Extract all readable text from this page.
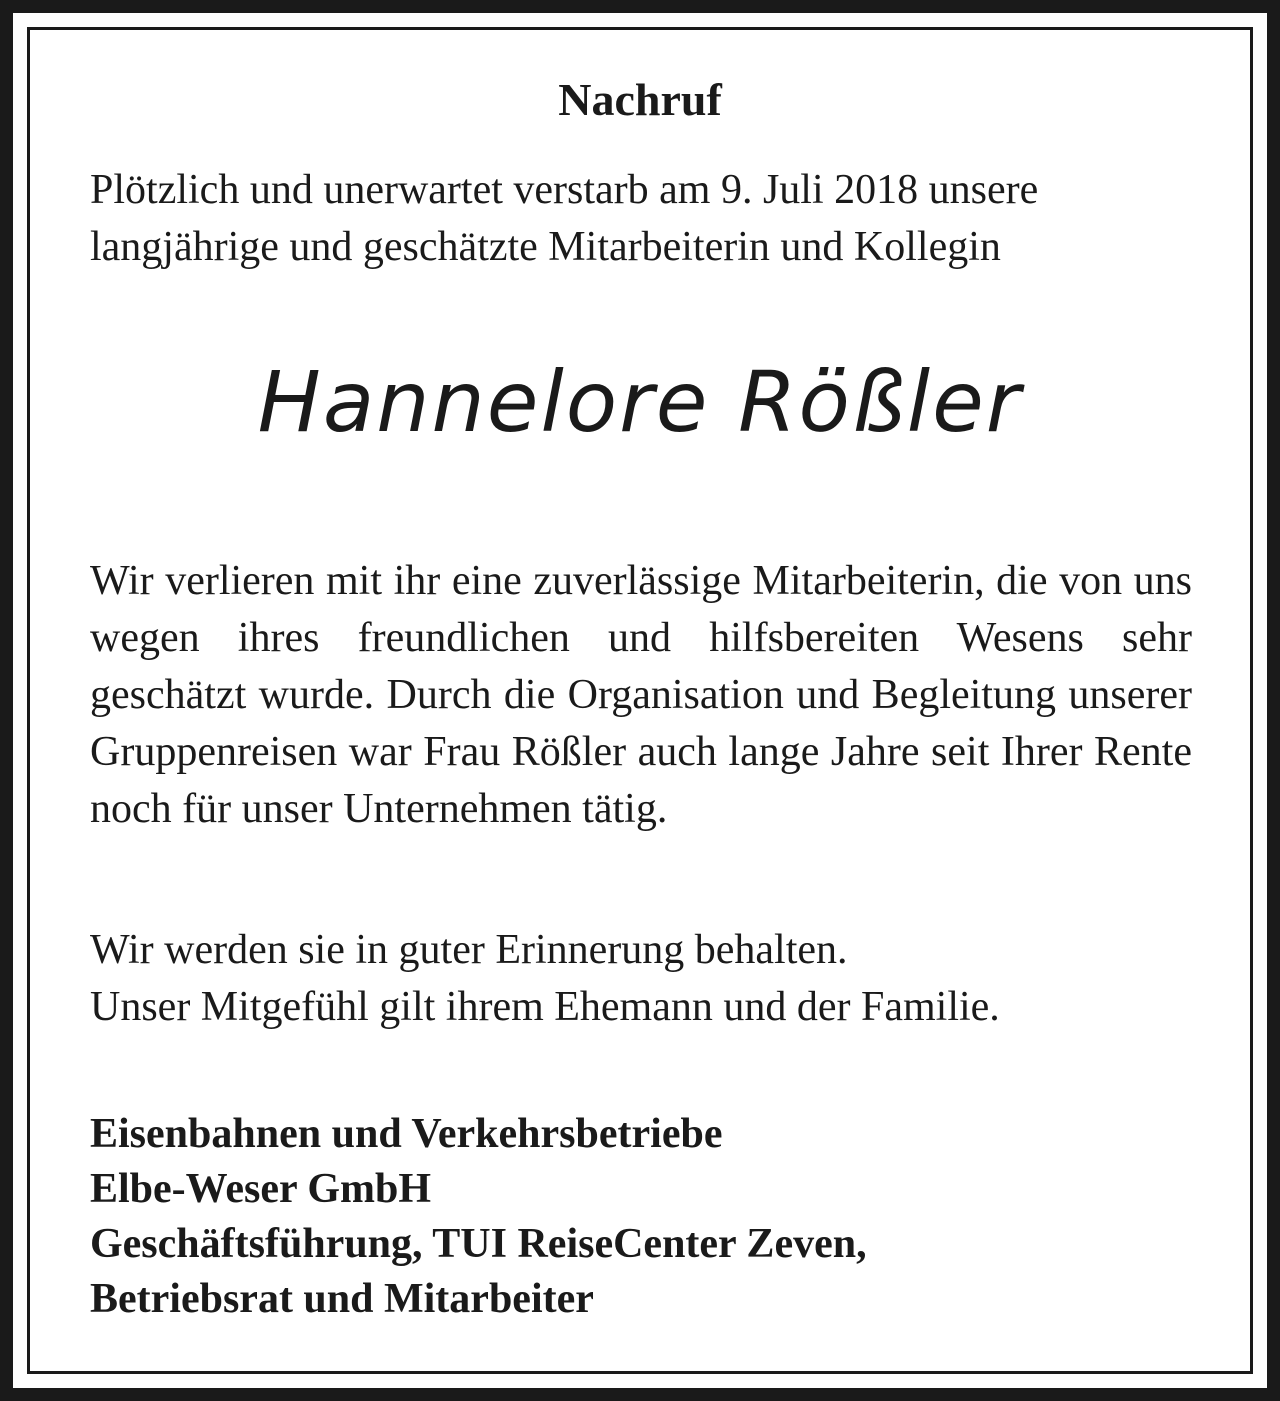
Nachruf
Plötzlich und unerwartet verstarb am 9. Juli 2018 unsere
langjährige und geschätzte Mitarbeiterin und Kollegin
Hannelore Rößler
Wir verlieren mit ihr eine zuverlässige Mitarbeiterin, die von uns wegen ihres freundlichen und hilfsbereiten Wesens sehr geschätzt wurde. Durch die Organisation und Begleitung unserer Gruppenreisen war Frau Rößler auch lange Jahre seit Ihrer Rente noch für unser Unternehmen tätig.
Wir werden sie in guter Erinnerung behalten.
Unser Mitgefühl gilt ihrem Ehemann und der Familie.
Eisenbahnen und Verkehrsbetriebe
Elbe-Weser GmbH
Geschäftsführung, TUI ReiseCenter Zeven,
Betriebsrat und Mitarbeiter
